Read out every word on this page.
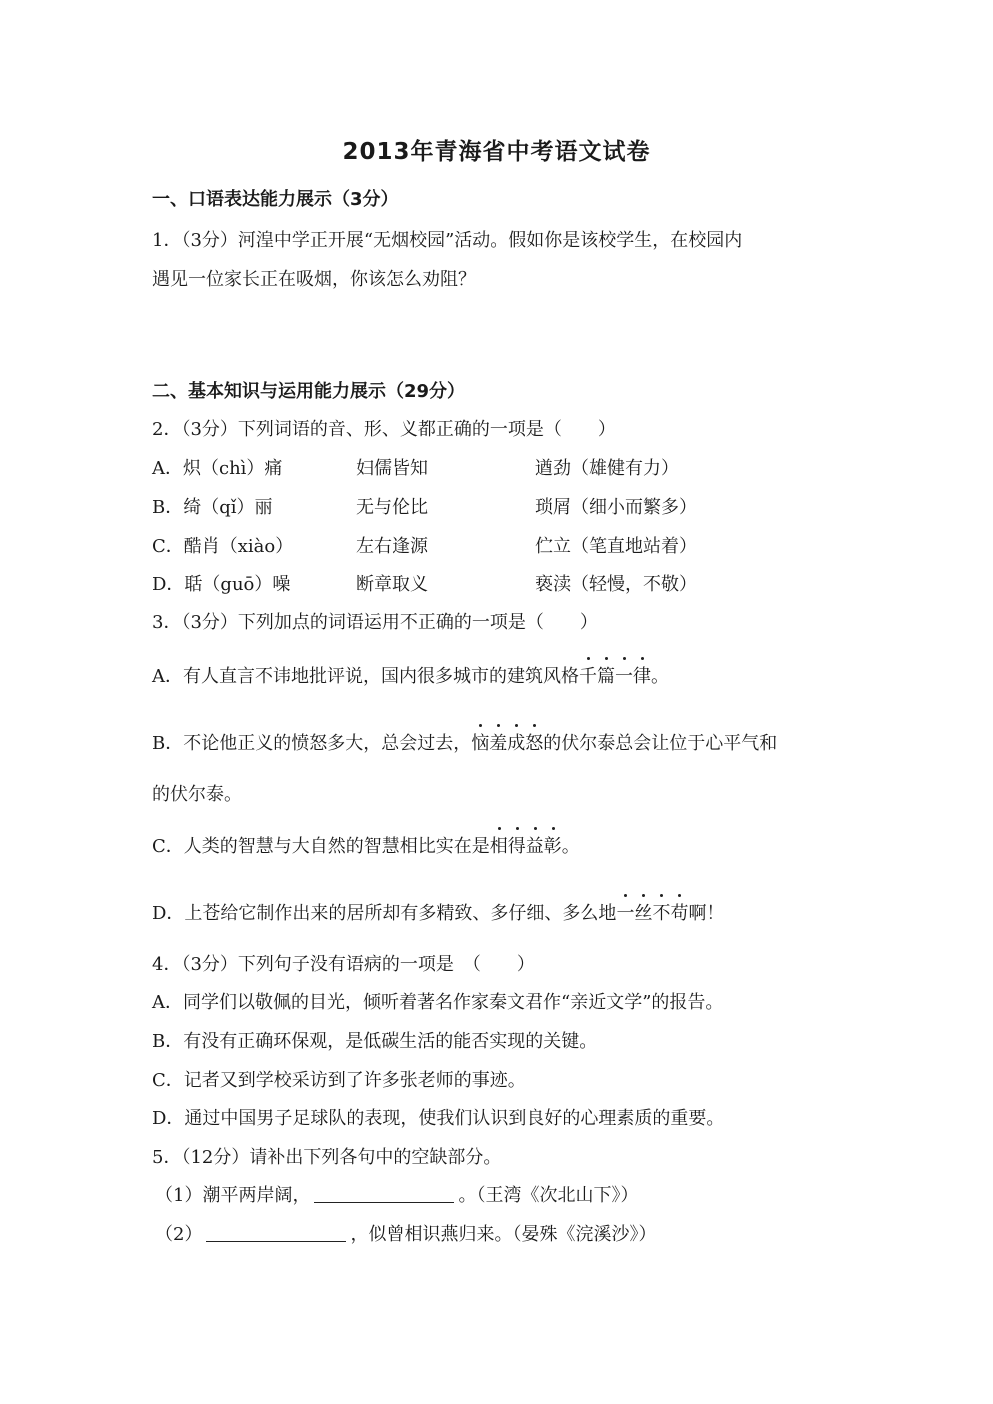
2013年青海省中考语文试卷
一、口语表达能力展示（3分）
1．（3分）河湟中学正开展“无烟校园”活动。假如你是该校学生，在校园内
遇见一位家长正在吸烟，你该怎么劝阻？
二、基本知识与运用能力展示（29分）
2．（3分）下列词语的音、形、义都正确的一项是（　　）
A．炽（chì）痛	妇儒皆知	遒劲（雄健有力）
B．绮（qǐ）丽	无与伦比	琐屑（细小而繁多）
C．酷肖（xiào）	左右逢源	伫立（笔直地站着）
D．聒（guō）噪	断章取义	亵渎（轻慢，不敬）
3．（3分）下列加点的词语运用不正确的一项是（　　）
A．有人直言不讳地批评说，国内很多城市的建筑风格千篇一律。
B．不论他正义的愤怒多大，总会过去，恼羞成怒的伏尔泰总会让位于心平气和
的伏尔泰。
C．人类的智慧与大自然的智慧相比实在是相得益彰。
D．上苍给它制作出来的居所却有多精致、多仔细、多么地一丝不苟啊！
4．（3分）下列句子没有语病的一项是　（　　）
A．同学们以敬佩的目光，倾听着著名作家秦文君作“亲近文学”的报告。
B．有没有正确环保观，是低碳生活的能否实现的关键。
C．记者又到学校采访到了许多张老师的事迹。
D．通过中国男子足球队的表现，使我们认识到良好的心理素质的重要。
5．（12分）请补出下列各句中的空缺部分。
（1）潮平两岸阔，	。（王湾《次北山下》）
（2）	，似曾相识燕归来。（晏殊《浣溪沙》）
